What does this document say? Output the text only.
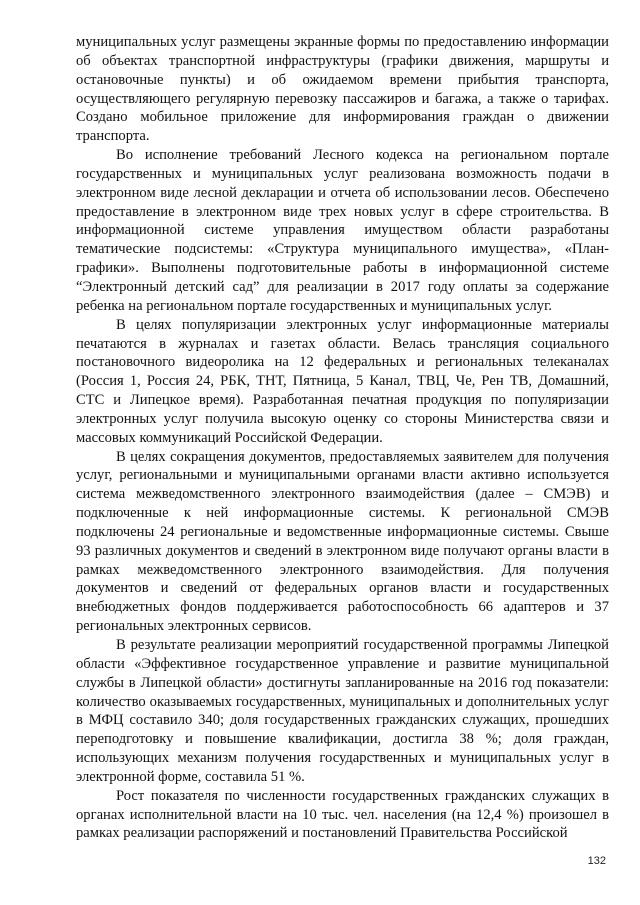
муниципальных услуг размещены экранные формы по предоставлению информации об объектах транспортной инфраструктуры (графики движения, маршруты и остановочные пункты) и об ожидаемом времени прибытия транспорта, осуществляющего регулярную перевозку пассажиров и багажа, а также о тарифах. Создано мобильное приложение для информирования граждан о движении транспорта.

Во исполнение требований Лесного кодекса на региональном портале государственных и муниципальных услуг реализована возможность подачи в электронном виде лесной декларации и отчета об использовании лесов. Обеспечено предоставление в электронном виде трех новых услуг в сфере строительства. В информационной системе управления имуществом области разработаны тематические подсистемы: «Структура муниципального имущества», «План-графики». Выполнены подготовительные работы в информационной системе “Электронный детский сад” для реализации в 2017 году оплаты за содержание ребенка на региональном портале государственных и муниципальных услуг.

В целях популяризации электронных услуг информационные материалы печатаются в журналах и газетах области. Велась трансляция социального постановочного видеоролика на 12 федеральных и региональных телеканалах (Россия 1, Россия 24, РБК, ТНТ, Пятница, 5 Канал, ТВЦ, Че, Рен ТВ, Домашний, СТС и Липецкое время). Разработанная печатная продукция по популяризации электронных услуг получила высокую оценку со стороны Министерства связи и массовых коммуникаций Российской Федерации.

В целях сокращения документов, предоставляемых заявителем для получения услуг, региональными и муниципальными органами власти активно используется система межведомственного электронного взаимодействия (далее – СМЭВ) и подключенные к ней информационные системы. К региональной СМЭВ подключены 24 региональные и ведомственные информационные системы. Свыше 93 различных документов и сведений в электронном виде получают органы власти в рамках межведомственного электронного взаимодействия. Для получения документов и сведений от федеральных органов власти и государственных внебюджетных фондов поддерживается работоспособность 66 адаптеров и 37 региональных электронных сервисов.

В результате реализации мероприятий государственной программы Липецкой области «Эффективное государственное управление и развитие муниципальной службы в Липецкой области» достигнуты запланированные на 2016 год показатели: количество оказываемых государственных, муниципальных и дополнительных услуг в МФЦ составило 340; доля государственных гражданских служащих, прошедших переподготовку и повышение квалификации, достигла 38 %; доля граждан, использующих механизм получения государственных и муниципальных услуг в электронной форме, составила 51 %.

Рост показателя по численности государственных гражданских служащих в органах исполнительной власти на 10 тыс. чел. населения (на 12,4 %) произошел в рамках реализации распоряжений и постановлений Правительства Российской

132
